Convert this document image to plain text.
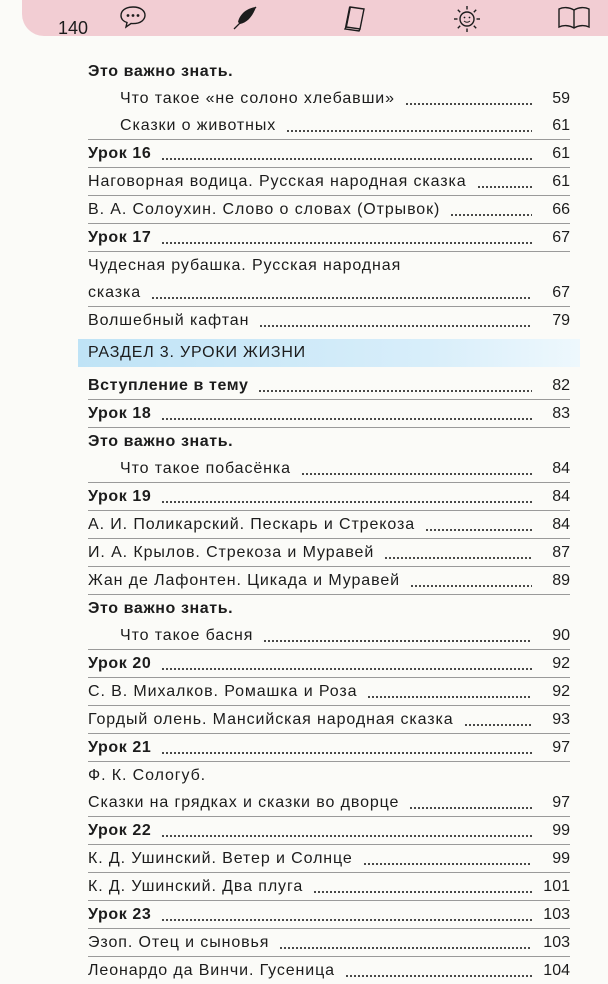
140
Это важно знать.
Что такое «не солоно хлебавши»	59
Сказки о животных	61
Урок 16	61
Наговорная водица. Русская народная сказка	61
В. А. Солоухин. Слово о словах (Отрывок)	66
Урок 17	67
Чудесная рубашка. Русская народная
сказка	67
Волшебный кафтан	79
РАЗДЕЛ 3. УРОКИ ЖИЗНИ
Вступление в тему	82
Урок 18	83
Это важно знать.
Что такое побасёнка	84
Урок 19	84
А. И. Поликарский. Пескарь и Стрекоза	84
И. А. Крылов. Стрекоза и Муравей	87
Жан де Лафонтен. Цикада и Муравей	89
Это важно знать.
Что такое басня	90
Урок 20	92
С. В. Михалков. Ромашка и Роза	92
Гордый олень. Мансийская народная сказка	93
Урок 21	97
Ф. К. Сологуб.
Сказки на грядках и сказки во дворце	97
Урок 22	99
К. Д. Ушинский. Ветер и Солнце	99
К. Д. Ушинский. Два плуга	101
Урок 23	103
Эзоп. Отец и сыновья	103
Леонардо да Винчи. Гусеница	104
